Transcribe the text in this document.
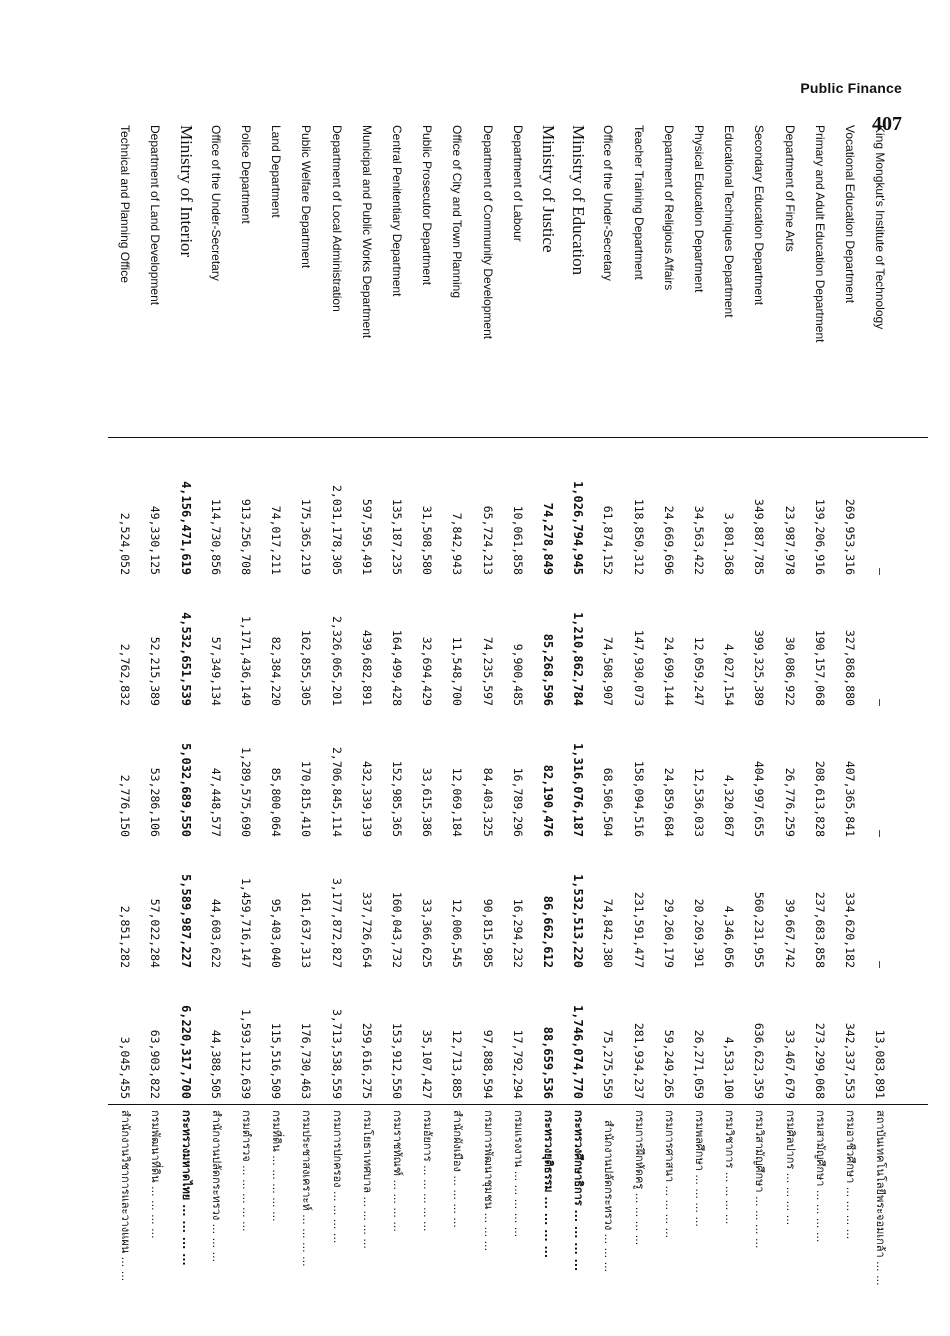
Public Finance
407
Technical and Planning Office
3,045,455
2,851,282
2,776,150
2,762,832
2,524,052
สำนักงานวิชาการและวางแผน ... ...
Department of Land Development
63,903,822
57,022,284
53,286,106
52,215,389
49,330,125
กรมพัฒนาที่ดิน ... ... ... ...
Ministry of Interior
6,220,317,700
5,589,987,227
5,032,689,550
4,532,651,539
4,156,471,619
กระทรวงมหาดไทย ... ... ... ...
Office of the Under-Secretary
44,388,505
44,603,622
47,448,577
57,349,134
114,730,856
สำนักงานปลัดกระทรวง ... ... ...
Police Department
1,593,112,639
1,459,716,147
1,289,575,690
1,171,436,149
913,256,708
กรมตำรวจ ... ... ... ... ...
Land Department
115,516,509
95,403,040
85,800,064
82,384,220
74,017,211
กรมที่ดิน ... ... ... ... ...
Public Welfare Department
176,730,463
161,637,313
170,815,410
162,855,305
175,365,219
กรมประชาสงเคราะห์ ... ... ... ...
Department of Local Administration
3,713,538,559
3,177,872,827
2,706,845,114
2,326,065,201
2,031,178,305
กรมการปกครอง ... ... ... ...
Municipal and Public Works Department
259,616,275
337,726,654
432,339,139
439,682,891
597,595,491
กรมโยธาเทศบาล ... ... ... ...
Central Penitentiary Department
153,912,550
160,043,732
152,985,365
164,499,428
135,187,235
กรมราชทัณฑ์ ... ... ... ...
Public Prosecutor Department
35,107,427
33,366,625
33,615,386
32,694,429
31,508,580
กรมอัยการ ... ... ... ... ...
Office of City and Town Planning
12,713,885
12,006,545
12,069,184
11,548,700
7,842,943
สำนักผังเมือง ... ... ... ...
Department of Community Development
97,888,594
90,815,985
84,403,325
74,235,597
65,724,213
กรมการพัฒนาชุมชน ... ... ...
Department of Labour
17,792,294
16,294,232
16,789,296
9,900,485
10,061,858
กรมแรงงาน ... ... ... ... ...
Ministry of Justice
88,659,536
86,662,612
82,190,476
85,268,596
74,278,849
กระทรวงยุติธรรม ... ... ... ...
Ministry of Education
1,746,074,770
1,532,513,220
1,316,076,187
1,210,862,784
1,026,794,945
กระทรวงศึกษาธิการ ... ... ... ...
Office of the Under-Secretary
75,275,559
74,842,380
68,506,504
74,508,907
61,874,152
สำนักงานปลัดกระทรวง ... ... ...
Teacher Training Department
281,934,237
231,591,477
158,094,516
147,930,073
118,850,312
กรมการฝึกหัดครู ... ... ... ...
Department of Religious Affairs
59,249,265
29,260,179
24,859,684
24,699,144
24,669,696
กรมการศาสนา ... ... ... ...
Physical Education Department
26,271,059
20,269,391
12,536,033
12,059,247
34,563,422
กรมพลศึกษา ... ... ... ...
Educational Techniques Department
4,533,100
4,346,056
4,320,867
4,027,154
3,801,368
กรมวิชาการ ... ... ... ...
Secondary Education Department
636,623,359
560,231,955
404,997,655
399,325,389
349,887,785
กรมวิสามัญศึกษา ... ... ... ...
Department of Fine Arts
33,467,679
39,667,742
26,776,259
30,086,922
23,987,978
กรมศิลปากร ... ... ... ...
Primary and Adult Education Department
273,299,068
237,683,858
208,613,828
190,157,068
139,206,916
กรมสามัญศึกษา ... ... ... ...
Vocational Education Department
342,337,553
334,620,182
407,365,841
327,868,880
269,953,316
กรมอาชีวศึกษา ... ... ... ...
King Mongkut's Institute of Technology
13,083,891
—
—
—
—
สถาบันเทคโนโลยีพระจอมเกล้า ... ...
